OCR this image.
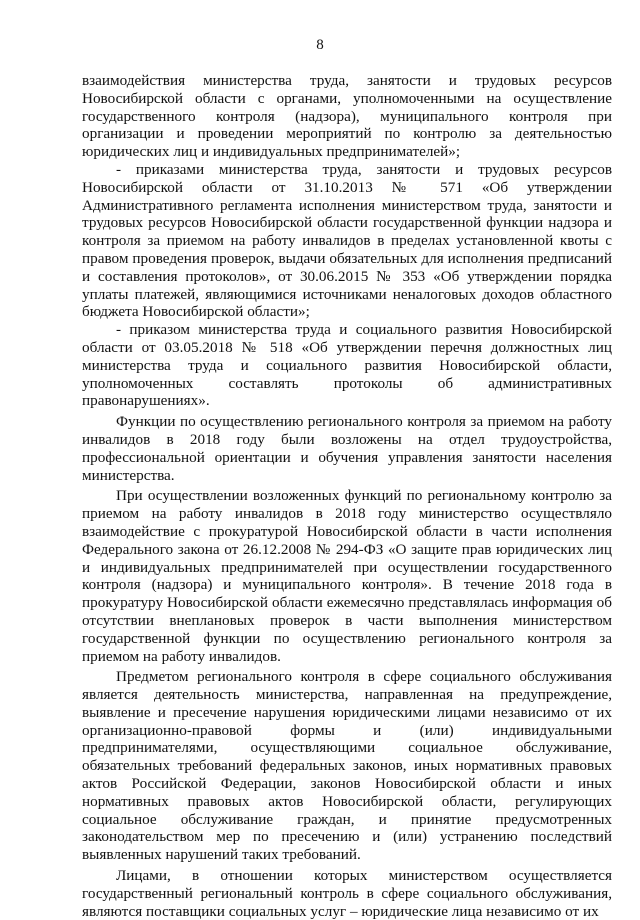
8

взаимодействия министерства труда, занятости и трудовых ресурсов Новосибирской области с органами, уполномоченными на осуществление государственного контроля (надзора), муниципального контроля при организации и проведении мероприятий по контролю за деятельностью юридических лиц и индивидуальных предпринимателей»;

- приказами министерства труда, занятости и трудовых ресурсов Новосибирской области от 31.10.2013 № 571 «Об утверждении Административного регламента исполнения министерством труда, занятости и трудовых ресурсов Новосибирской области государственной функции надзора и контроля за приемом на работу инвалидов в пределах установленной квоты с правом проведения проверок, выдачи обязательных для исполнения предписаний и составления протоколов», от 30.06.2015 № 353 «Об утверждении порядка уплаты платежей, являющимися источниками неналоговых доходов областного бюджета Новосибирской области»;

- приказом министерства труда и социального развития Новосибирской области от 03.05.2018 № 518 «Об утверждении перечня должностных лиц министерства труда и социального развития Новосибирской области, уполномоченных составлять протоколы об административных правонарушениях».

Функции по осуществлению регионального контроля за приемом на работу инвалидов в 2018 году были возложены на отдел трудоустройства, профессиональной ориентации и обучения управления занятости населения министерства.

При осуществлении возложенных функций по региональному контролю за приемом на работу инвалидов в 2018 году министерство осуществляло взаимодействие с прокуратурой Новосибирской области в части исполнения Федерального закона от 26.12.2008 № 294-ФЗ «О защите прав юридических лиц и индивидуальных предпринимателей при осуществлении государственного контроля (надзора) и муниципального контроля». В течение 2018 года в прокуратуру Новосибирской области ежемесячно представлялась информация об отсутствии внеплановых проверок в части выполнения министерством государственной функции по осуществлению регионального контроля за приемом на работу инвалидов.

Предметом регионального контроля в сфере социального обслуживания является деятельность министерства, направленная на предупреждение, выявление и пресечение нарушения юридическими лицами независимо от их организационно-правовой формы и (или) индивидуальными предпринимателями, осуществляющими социальное обслуживание, обязательных требований федеральных законов, иных нормативных правовых актов Российской Федерации, законов Новосибирской области и иных нормативных правовых актов Новосибирской области, регулирующих социальное обслуживание граждан, и принятие предусмотренных законодательством мер по пресечению и (или) устранению последствий выявленных нарушений таких требований.

Лицами, в отношении которых министерством осуществляется государственный региональный контроль в сфере социального обслуживания, являются поставщики социальных услуг – юридические лица независимо от их
